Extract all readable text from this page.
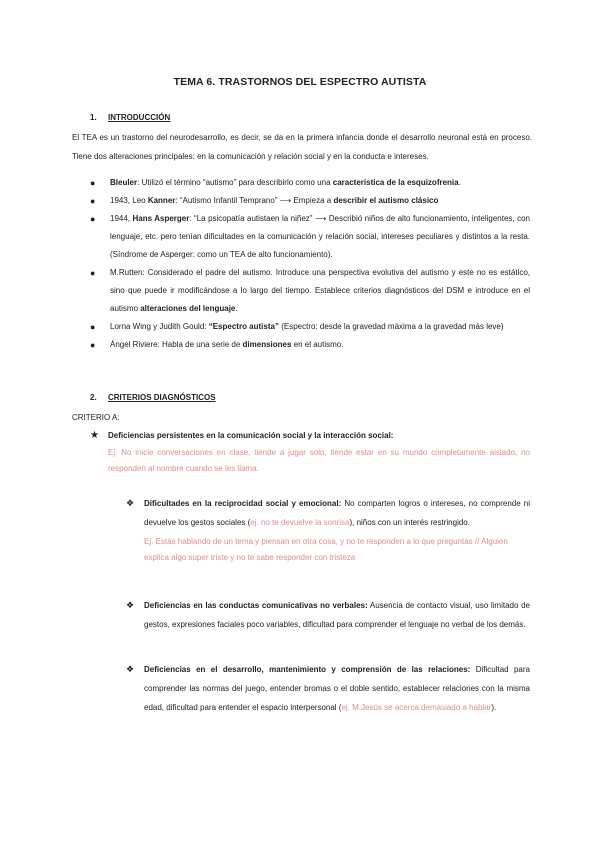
TEMA 6. TRASTORNOS DEL ESPECTRO AUTISTA
1. INTRODUCCIÓN
El TEA es un trastorno del neurodesarrollo, es decir, se da en la primera infancia donde el desarrollo neuronal está en proceso. Tiene dos alteraciones principales: en la comunicación y relación social y en la conducta e intereses.
● Bleuler: Utilizó el término “autismo” para describirlo como una característica de la esquizofrenia.
● 1943, Leo Kanner: “Autismo Infantil Temprano” ⟶ Empieza a describir el autismo clásico
● 1944, Hans Asperger: “La psicopatía autistaen la niñez” ⟶ Describió niños de alto funcionamiento, inteligentes, con lenguaje, etc. pero tenían dificultades en la comunicación y relación social, intereses peculiares y distintos a la resta. (Síndrome de Asperger: como un TEA de alto funcionamiento).
● M.Rutten: Considerado el padre del autismo. Introduce una perspectiva evolutiva del autismo y este no es estático, sino que puede ir modificándose a lo largo del tiempo. Establece criterios diagnósticos del DSM e introduce en el autismo alteraciones del lenguaje.
● Lorna Wing y Judith Gould: “Espectro autista” (Espectro: desde la gravedad máxima a la gravedad más leve)
● Ángel Riviere: Habla de una serie de dimensiones en el autismo.
2. CRITERIOS DIAGNÓSTICOS
CRITERIO A:
★	Deficiencias persistentes en la comunicación social y la interacción social:
Ej. No inicie conversaciones en clase, tiende a jugar solo, tiende estar en su mundo completamente aislado, no responden al nombre cuando se les llama.
❖	Dificultades en la reciprocidad social y emocional: No comparten logros o intereses, no comprende ni devuelve los gestos sociales (ej. no te devuelve la sonrisa), niños con un interés restringido.
Ej. Estás hablando de un tema y piensan en otra cosa, y no te responden a lo que preguntas // Alguien explica algo super triste y no te sabe responder con tristeza
❖	Deficiencias en las conductas comunicativas no verbales: Ausencia de contacto visual, uso limitado de gestos, expresiones faciales poco variables, dificultad para comprender el lenguaje no verbal de los demás.
❖	Deficiencias en el desarrollo, mantenimiento y comprensión de las relaciones: Dificultad para comprender las normas del juego, entender bromas o el doble sentido, establecer relaciones con la misma edad, dificultad para entender el espacio interpersonal (ej. M.Jesús se acerca demasiado a hablar).
